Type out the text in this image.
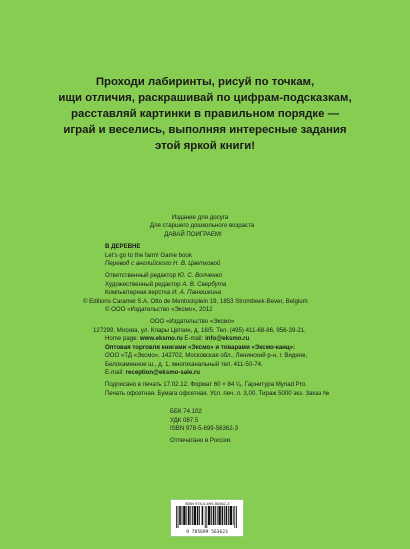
Проходи лабиринты, рисуй по точкам,
ищи отличия, раскрашивай по цифрам-подсказкам,
расставляй картинки в правильном порядке —
играй и веселись, выполняя интересные задания
этой яркой книги!
Издание для досуга
Для старшего дошкольного возраста
ДАВАЙ ПОИГРАЕМ!
В ДЕРЕВНЕ
Let's go to the farm! Game book
Перевод с английского Н. В. Цветковой
Ответственный редактор Ю. С. Волченко
Художественный редактор А. В. Свербута
Компьютерная верстка И. А. Панюшкина
© Editions Caramel S.A. Otto de Mentockplein 19, 1853 Strombeek-Bever, Belgium
© ООО «Издательство «Эксмо», 2012
ООО «Издательство «Эксмо»
127299, Москва, ул. Клары Цеткин, д. 18/5. Тел. (495) 411-68-86, 956-39-21.
Home page: www.eksmo.ru E-mail: info@eksmo.ru
Оптовая торговля книгами «Эксмо» и товарами «Эксмо-канц»:
ООО «ТД «Эксмо». 142702, Московская обл., Ленинский р-н, г. Видное,
Белокаменное ш., д. 1, многоканальный тел. 411-50-74.
E-mail: reception@eksmo-sale.ru
Подписано в печать 17.02.12. Формат 60 × 84 ¹⁄₈. Гарнитура Myriad Pro.
Печать офсетная. Бумага офсетная. Усл. печ. л. 3,00. Тираж 5000 экз. Заказ №
ББК 74.102
УДК 087.5
ISBN 978-5-699-56362-3
Отпечатано в России.
ISBN 978-5-699-56362-3
9 785699 563623
